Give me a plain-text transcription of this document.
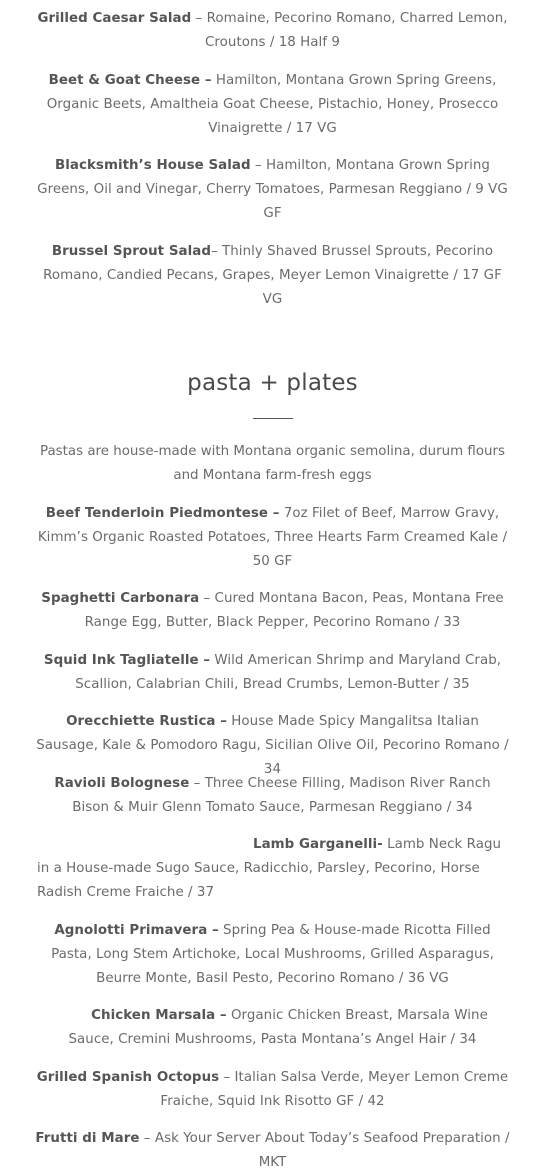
Grilled Caesar Salad – Romaine, Pecorino Romano, Charred Lemon, Croutons / 18 Half 9

Beet & Goat Cheese – Hamilton, Montana Grown Spring Greens, Organic Beets, Amaltheia Goat Cheese, Pistachio, Honey, Prosecco Vinaigrette / 17 VG

Blacksmith’s House Salad – Hamilton, Montana Grown Spring Greens, Oil and Vinegar, Cherry Tomatoes, Parmesan Reggiano / 9 VG GF

Brussel Sprout Salad– Thinly Shaved Brussel Sprouts, Pecorino Romano, Candied Pecans, Grapes, Meyer Lemon Vinaigrette / 17 GF VG

pasta + plates

Pastas are house-made with Montana organic semolina, durum flours and Montana farm-fresh eggs

Beef Tenderloin Piedmontese – 7oz Filet of Beef, Marrow Gravy, Kimm’s Organic Roasted Potatoes, Three Hearts Farm Creamed Kale / 50 GF

Spaghetti Carbonara – Cured Montana Bacon, Peas, Montana Free Range Egg, Butter, Black Pepper, Pecorino Romano / 33

Squid Ink Tagliatelle – Wild American Shrimp and Maryland Crab, Scallion, Calabrian Chili, Bread Crumbs, Lemon-Butter / 35

Orecchiette Rustica – House Made Spicy Mangalitsa Italian Sausage, Kale & Pomodoro Ragu, Sicilian Olive Oil, Pecorino Romano / 34

Ravioli Bolognese – Three Cheese Filling, Madison River Ranch Bison & Muir Glenn Tomato Sauce, Parmesan Reggiano / 34

Lamb Garganelli- Lamb Neck Ragu in a House-made Sugo Sauce, Radicchio, Parsley, Pecorino, Horse Radish Creme Fraiche / 37

Agnolotti Primavera – Spring Pea & House-made Ricotta Filled Pasta, Long Stem Artichoke, Local Mushrooms, Grilled Asparagus, Beurre Monte, Basil Pesto, Pecorino Romano / 36 VG

Chicken Marsala – Organic Chicken Breast, Marsala Wine Sauce, Cremini Mushrooms, Pasta Montana’s Angel Hair / 34

Grilled Spanish Octopus – Italian Salsa Verde, Meyer Lemon Creme Fraiche, Squid Ink Risotto GF / 42

Frutti di Mare – Ask Your Server About Today’s Seafood Preparation / MKT
